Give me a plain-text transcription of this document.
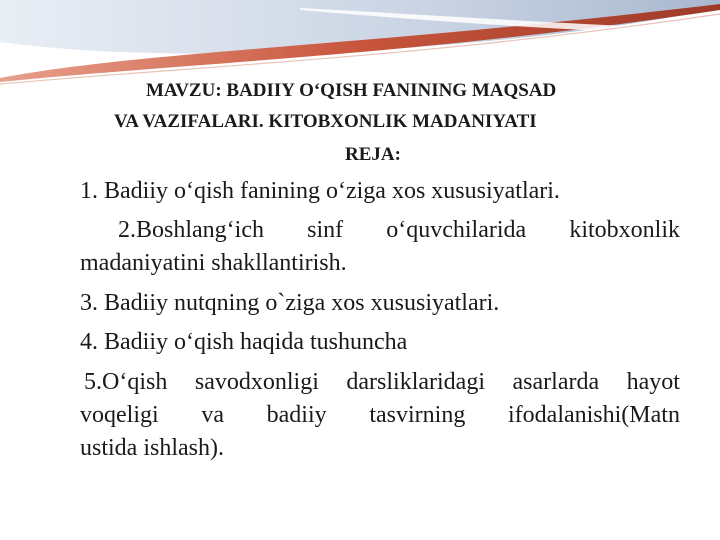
MAVZU: BADIIY O‘QISH FANINING MAQSAD
VA VAZIFALARI. KITOBXONLIK MADANIYATI
REJA:
1. Badiiy o‘qish fanining o‘ziga xos xususiyatlari.
2.Boshlang‘ich sinf o‘quvchilarida kitobxonlik
madaniyatini shakllantirish.
3. Badiiy nutqning o`ziga xos xususiyatlari.
4. Badiiy o‘qish haqida tushuncha
5.O‘qish savodxonligi darsliklaridagi asarlarda hayot
voqeligi va badiiy tasvirning ifodalanishi(Matn
ustida ishlash).
